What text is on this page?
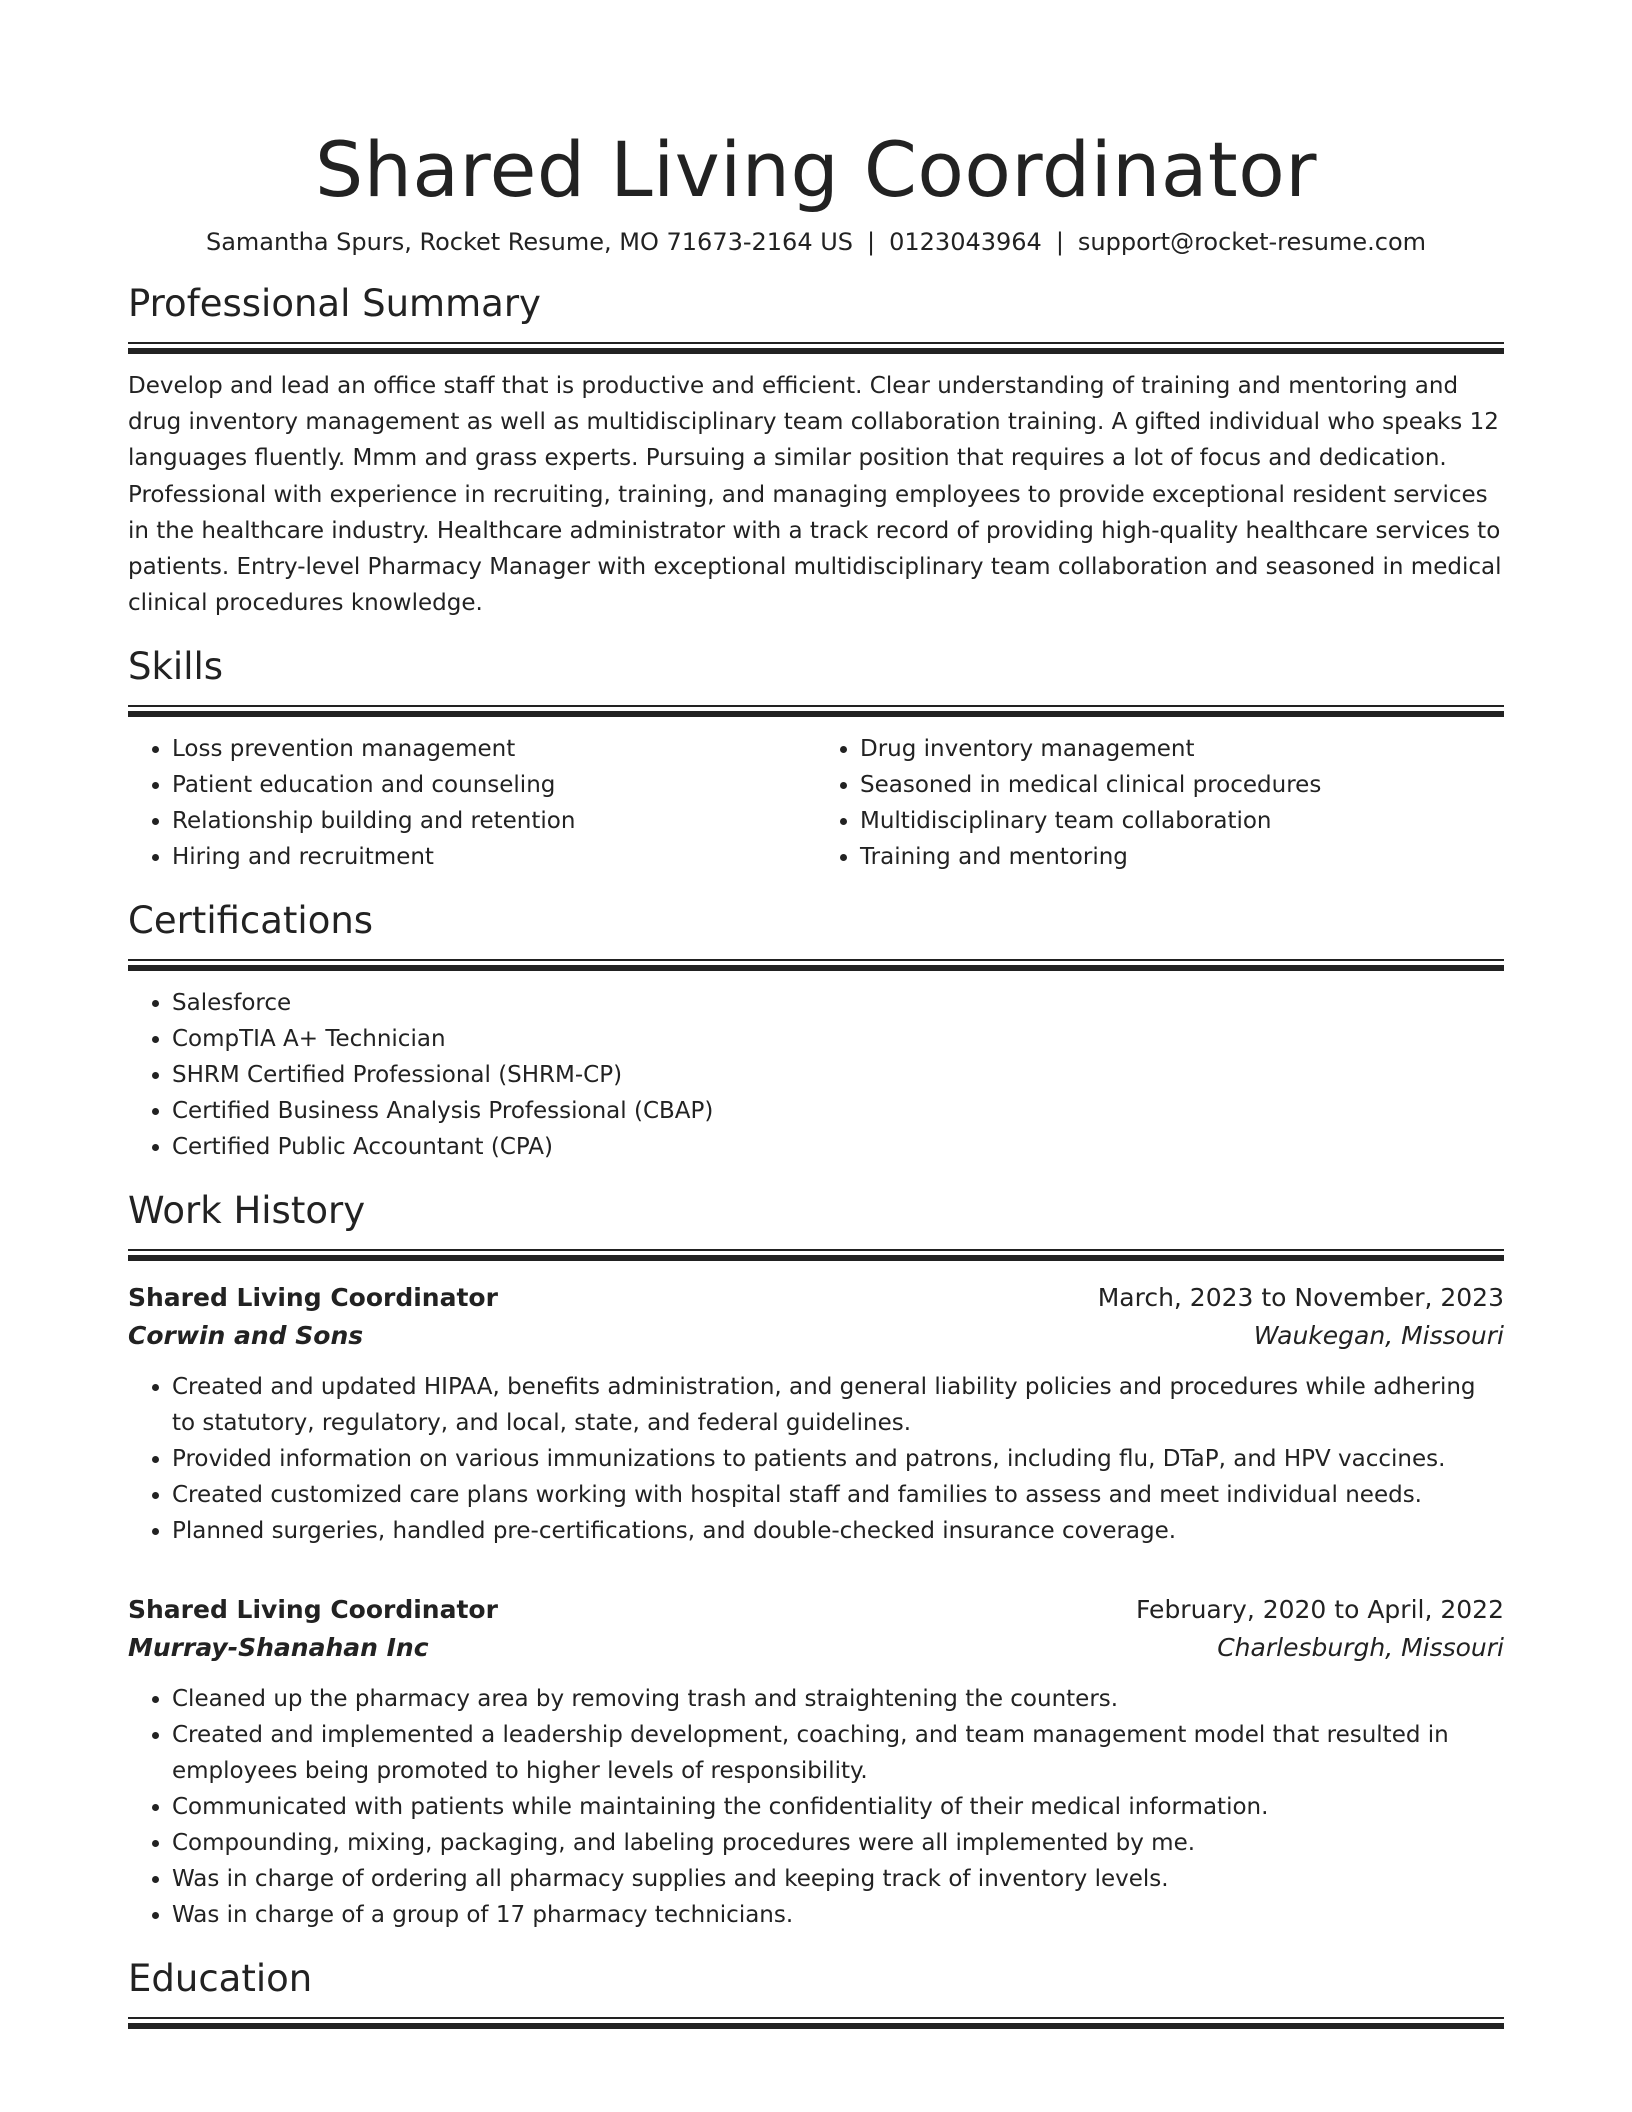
Shared Living Coordinator
Samantha Spurs, Rocket Resume, MO 71673-2164 US | 0123043964 | support@rocket-resume.com
Professional Summary
Develop and lead an office staff that is productive and efficient. Clear understanding of training and mentoring and drug inventory management as well as multidisciplinary team collaboration training. A gifted individual who speaks 12 languages fluently. Mmm and grass experts. Pursuing a similar position that requires a lot of focus and dedication. Professional with experience in recruiting, training, and managing employees to provide exceptional resident services in the healthcare industry. Healthcare administrator with a track record of providing high-quality healthcare services to patients. Entry-level Pharmacy Manager with exceptional multidisciplinary team collaboration and seasoned in medical clinical procedures knowledge.
Skills
• Loss prevention management
• Patient education and counseling
• Relationship building and retention
• Hiring and recruitment
• Drug inventory management
• Seasoned in medical clinical procedures
• Multidisciplinary team collaboration
• Training and mentoring
Certifications
• Salesforce
• CompTIA A+ Technician
• SHRM Certified Professional (SHRM-CP)
• Certified Business Analysis Professional (CBAP)
• Certified Public Accountant (CPA)
Work History
Shared Living Coordinator	March, 2023 to November, 2023
Corwin and Sons	Waukegan, Missouri
• Created and updated HIPAA, benefits administration, and general liability policies and procedures while adhering to statutory, regulatory, and local, state, and federal guidelines.
• Provided information on various immunizations to patients and patrons, including flu, DTaP, and HPV vaccines.
• Created customized care plans working with hospital staff and families to assess and meet individual needs.
• Planned surgeries, handled pre-certifications, and double-checked insurance coverage.
Shared Living Coordinator	February, 2020 to April, 2022
Murray-Shanahan Inc	Charlesburgh, Missouri
• Cleaned up the pharmacy area by removing trash and straightening the counters.
• Created and implemented a leadership development, coaching, and team management model that resulted in employees being promoted to higher levels of responsibility.
• Communicated with patients while maintaining the confidentiality of their medical information.
• Compounding, mixing, packaging, and labeling procedures were all implemented by me.
• Was in charge of ordering all pharmacy supplies and keeping track of inventory levels.
• Was in charge of a group of 17 pharmacy technicians.
Education
